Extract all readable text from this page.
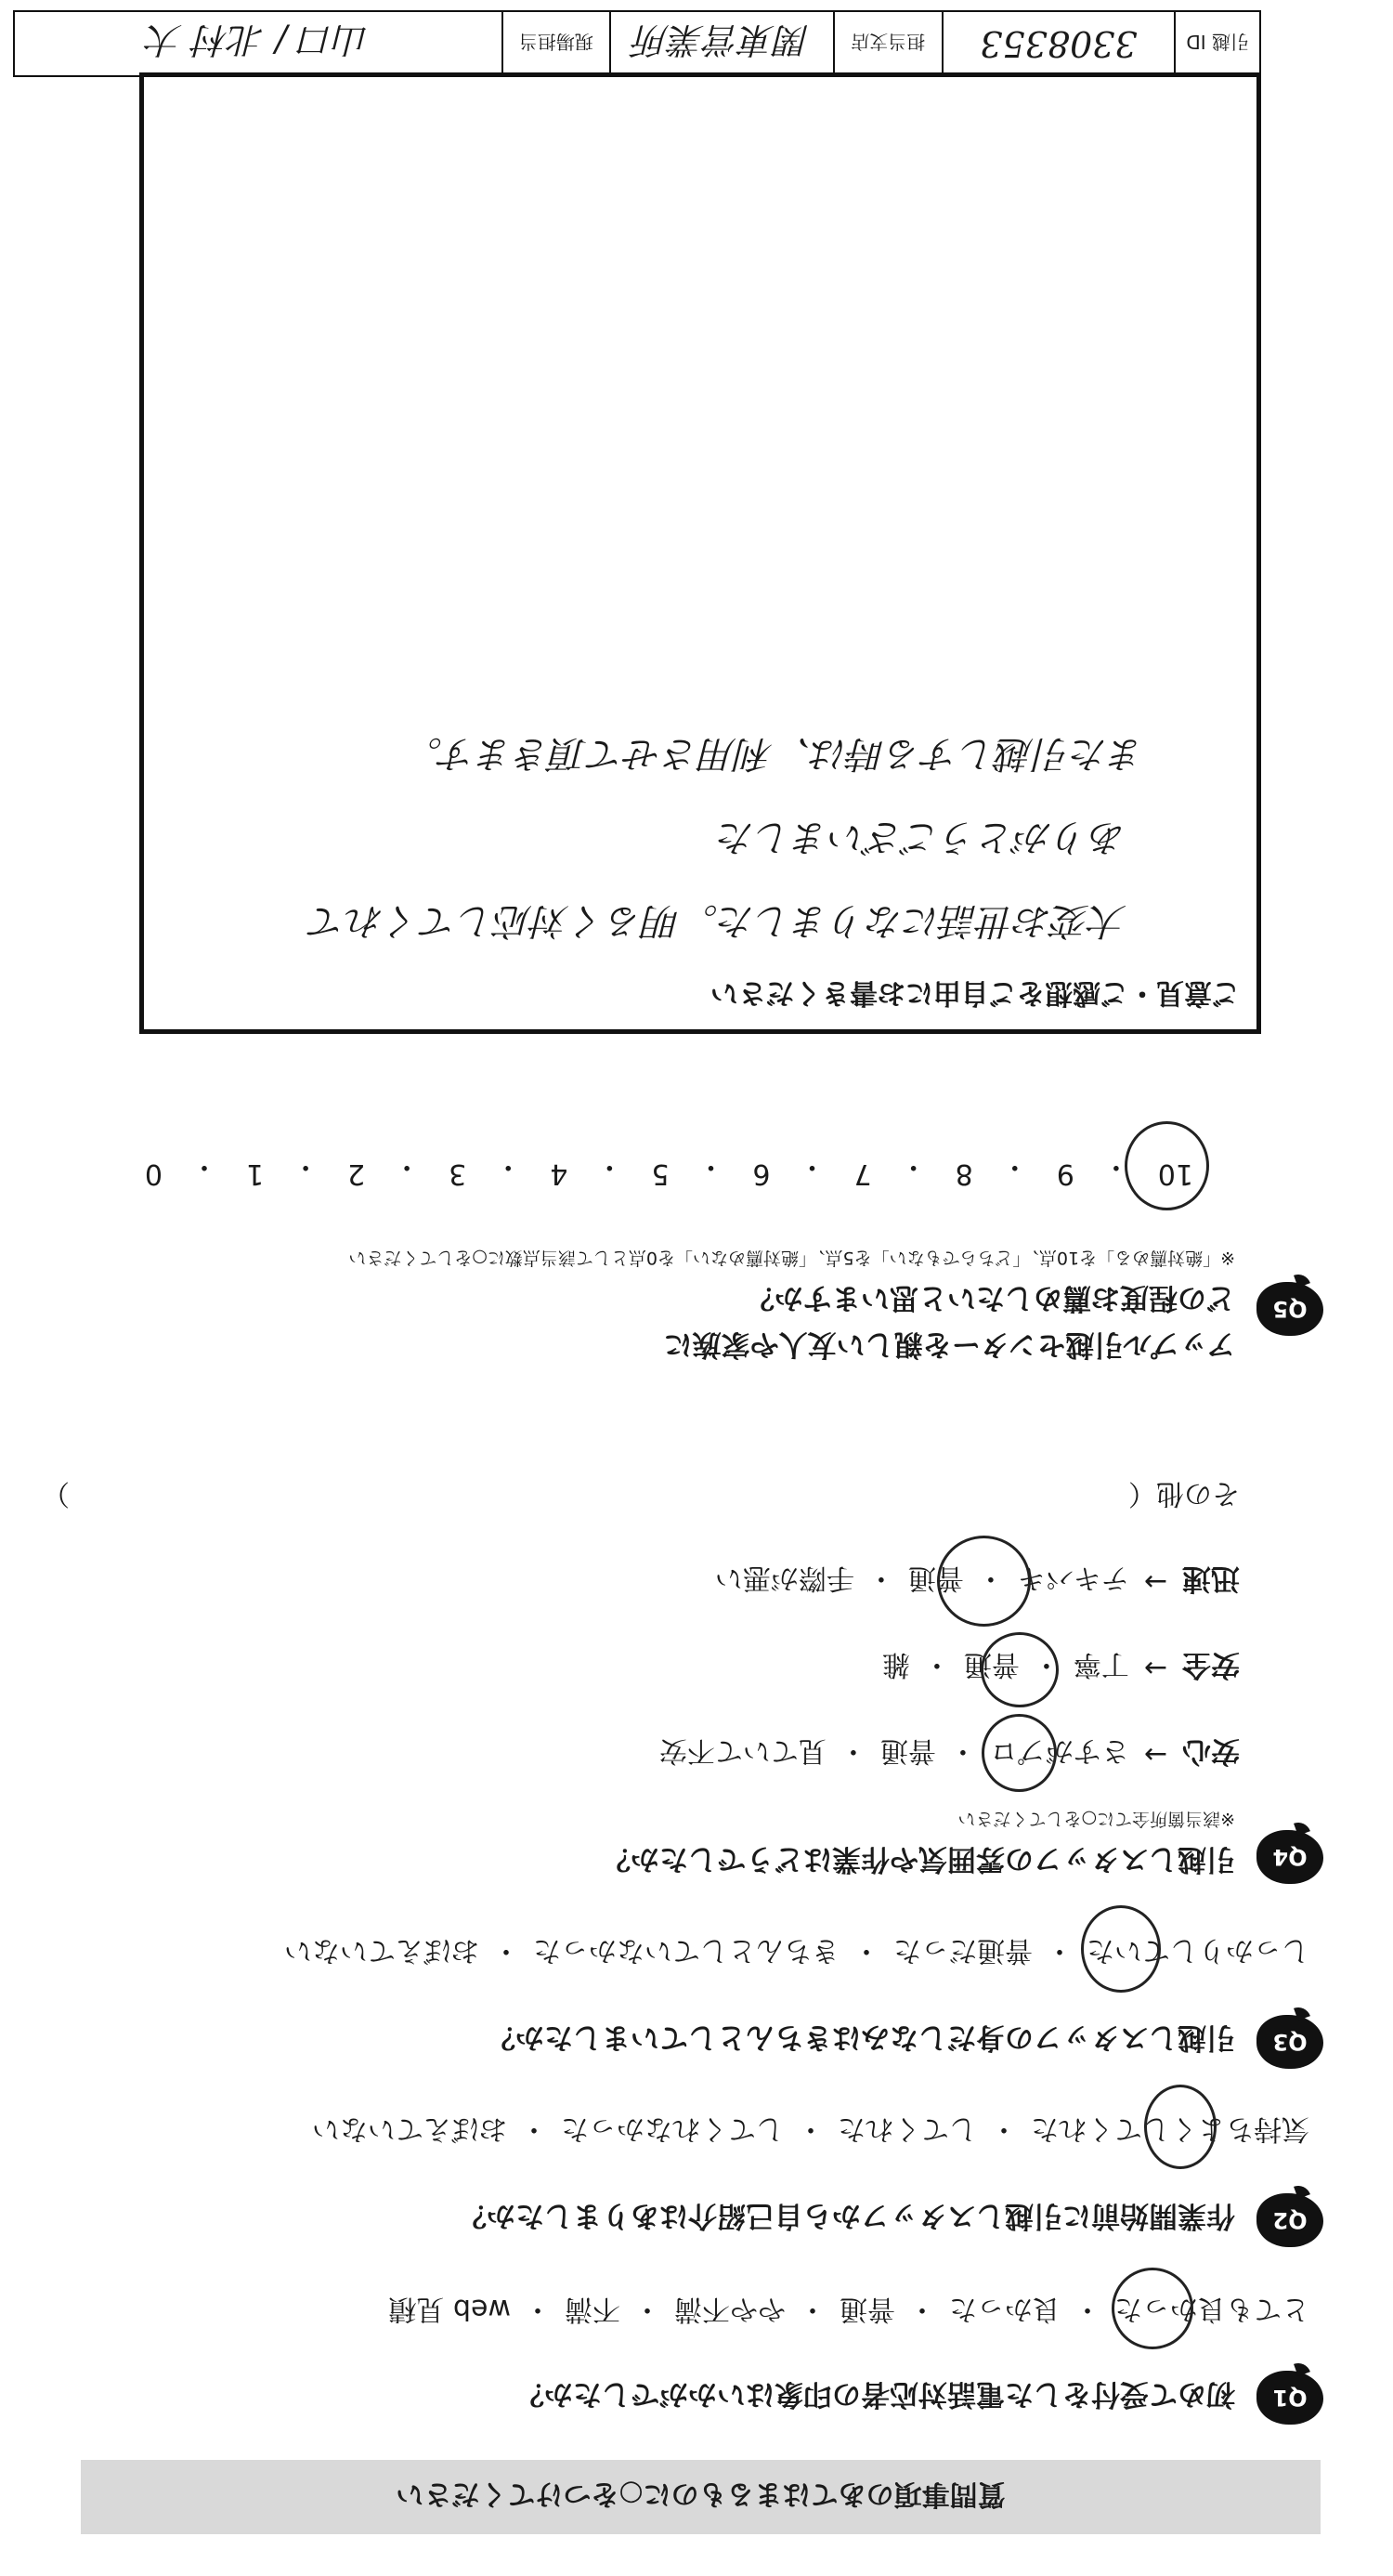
質問事項のあてはまるものに○をつけてください
Q1
初めて受付をした電話対応者の印象はいかがでしたか？
とても良かった
・
良かった
・
普通
・
やや不満
・
不満
・
web 見積
Q2
作業開始前に引越しスタッフから自己紹介はありましたか？
気持ちよくしてくれた
・
してくれた
・
してくれなかった
・
おぼえていない
Q3
引越しスタッフの身だしなみはきちんとしていましたか？
しっかりしていた
・
普通だった
・
きちんとしていなかった
・
おぼえていない
Q4
引越しスタッフの雰囲気や作業はどうでしたか？
※該当箇所全てに○をしてください
安心
→
さすがプロ
・
普通
・
見ていて不安
安全
→
丁寧
・
普通
・
雑
迅速
→
テキパキ
・
普通
・
手際が悪い
その他（
）
Q5
アップル引越センターを親しい友人や家族に
どの程度お薦めしたいと思いますか？
※「絶対薦める」を10点、「どちらでもない」を5点、「絶対薦めない」を0点として該当点数に○をしてください
10
・
9
・
8
・
7
・
6
・
5
・
4
・
3
・
2
・
1
・
0
ご意見・ご感想をご自由にお書きください
大変お世話になりました。明るく対応してくれて
ありがとうございました
また引越しする時は、利用させて頂きます。
引越 ID
3308353
担当支店
関東営業所
現場担当
山口 / 北村 大
